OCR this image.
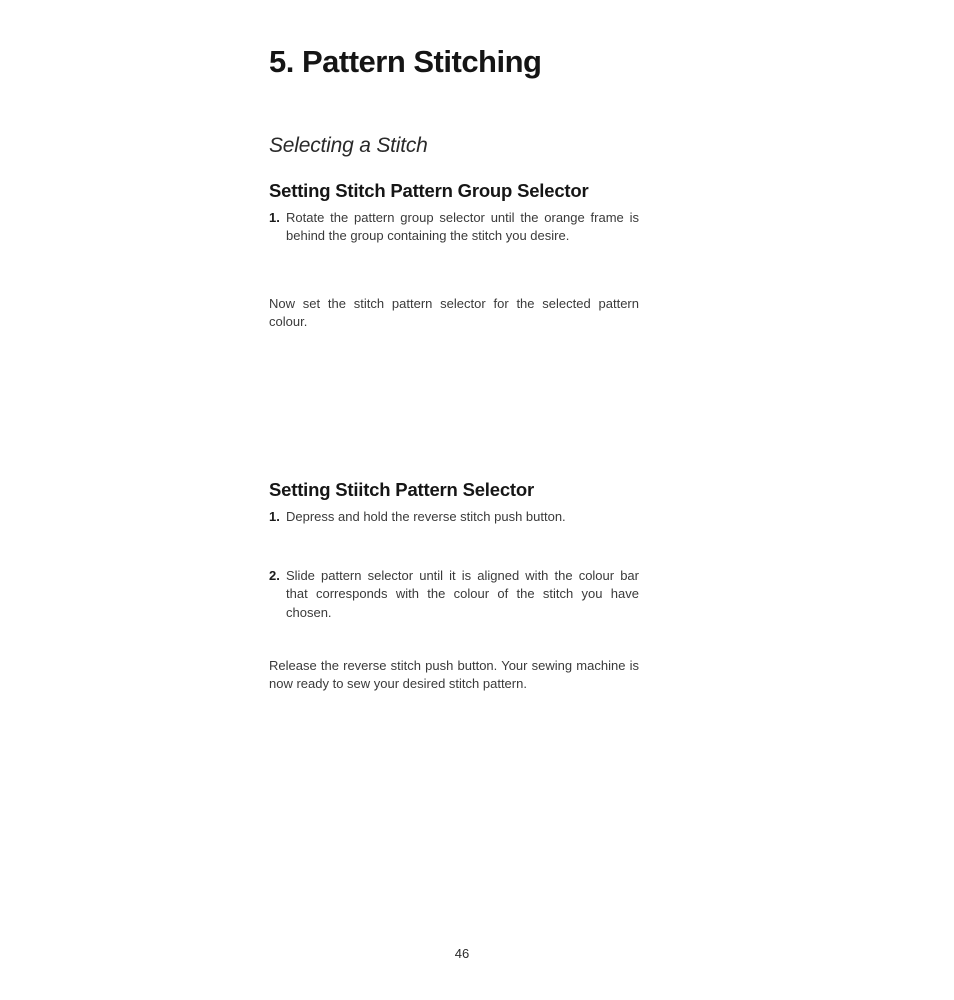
5. Pattern Stitching
Selecting a Stitch
Setting Stitch Pattern Group Selector
1. Rotate the pattern group selector until the orange frame is behind the group containing the stitch you desire.

Now set the stitch pattern selector for the selected pattern colour.

Setting Stiitch Pattern Selector
1. Depress and hold the reverse stitch push button.
2. Slide pattern selector until it is aligned with the colour bar that corresponds with the colour of the stitch you have chosen.

Release the reverse stitch push button. Your sewing machine is now ready to sew your desired stitch pattern.

46
